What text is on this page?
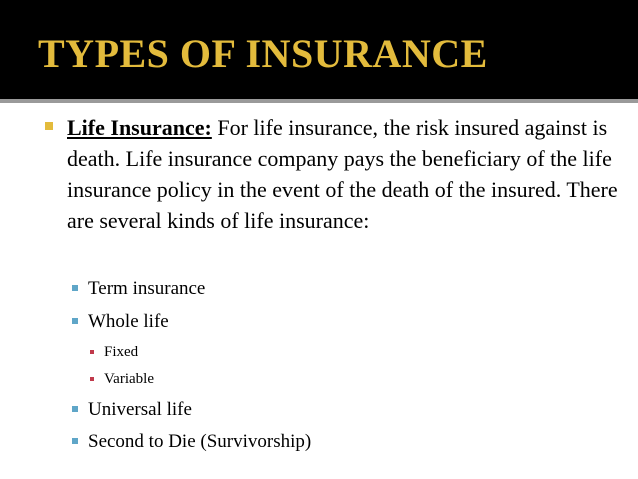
TYPES OF INSURANCE

Life Insurance: For life insurance, the risk insured against is death. Life insurance company pays the beneficiary of the life insurance policy in the event of the death of the insured. There are several kinds of life insurance:

Term insurance

Whole life

Fixed

Variable

Universal life

Second to Die (Survivorship)
